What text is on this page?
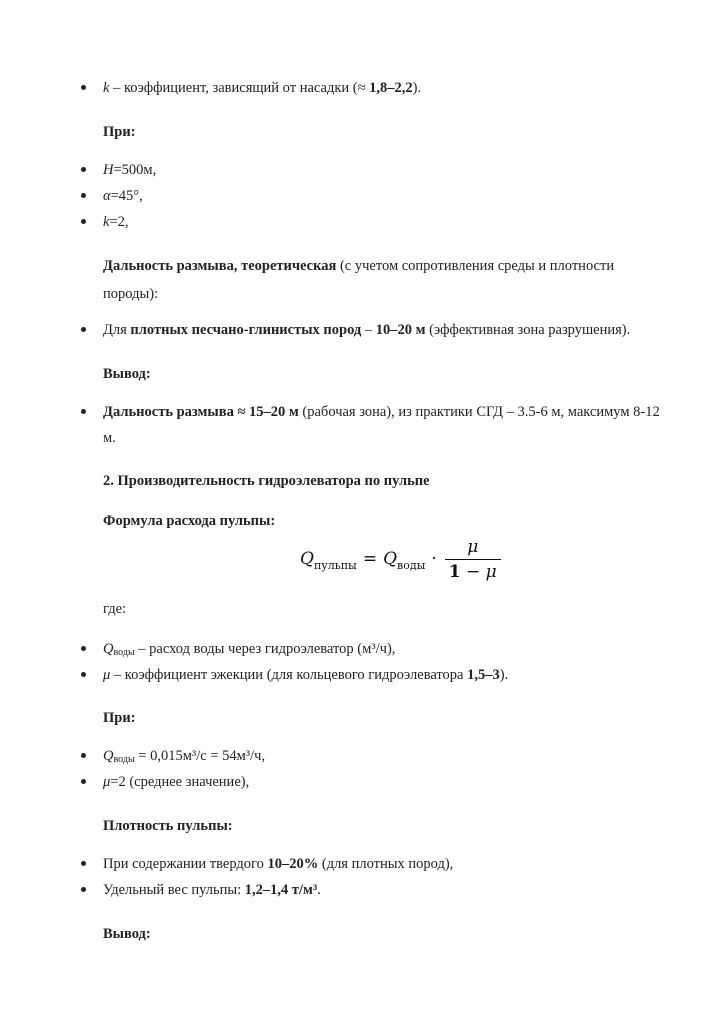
k – коэффициент, зависящий от насадки (≈ 1,8–2,2).
При:
H=500м,
α=45°,
k=2,
Дальность размыва, теоретическая (с учетом сопротивления среды и плотности породы):
Для плотных песчано-глинистых пород – 10–20 м (эффективная зона разрушения).
Вывод:
Дальность размыва ≈ 15–20 м (рабочая зона), из практики СГД – 3.5-6 м, максимум 8-12 м.
2. Производительность гидроэлеватора по пульпе
Формула расхода пульпы:
$Q_{пульпы} = Q_{воды} \cdot \frac{\mu}{1 - \mu}$
где:
$Q_{воды}$ – расход воды через гидроэлеватор (м³/ч),
μ – коэффициент эжекции (для кольцевого гидроэлеватора 1,5–3).
При:
$Q_{воды} = 0,015м^3/с = 54м^3/ч$,
μ=2 (среднее значение),
Плотность пульпы:
При содержании твердого 10–20% (для плотных пород),
Удельный вес пульпы: 1,2–1,4 т/м³.
Вывод:
